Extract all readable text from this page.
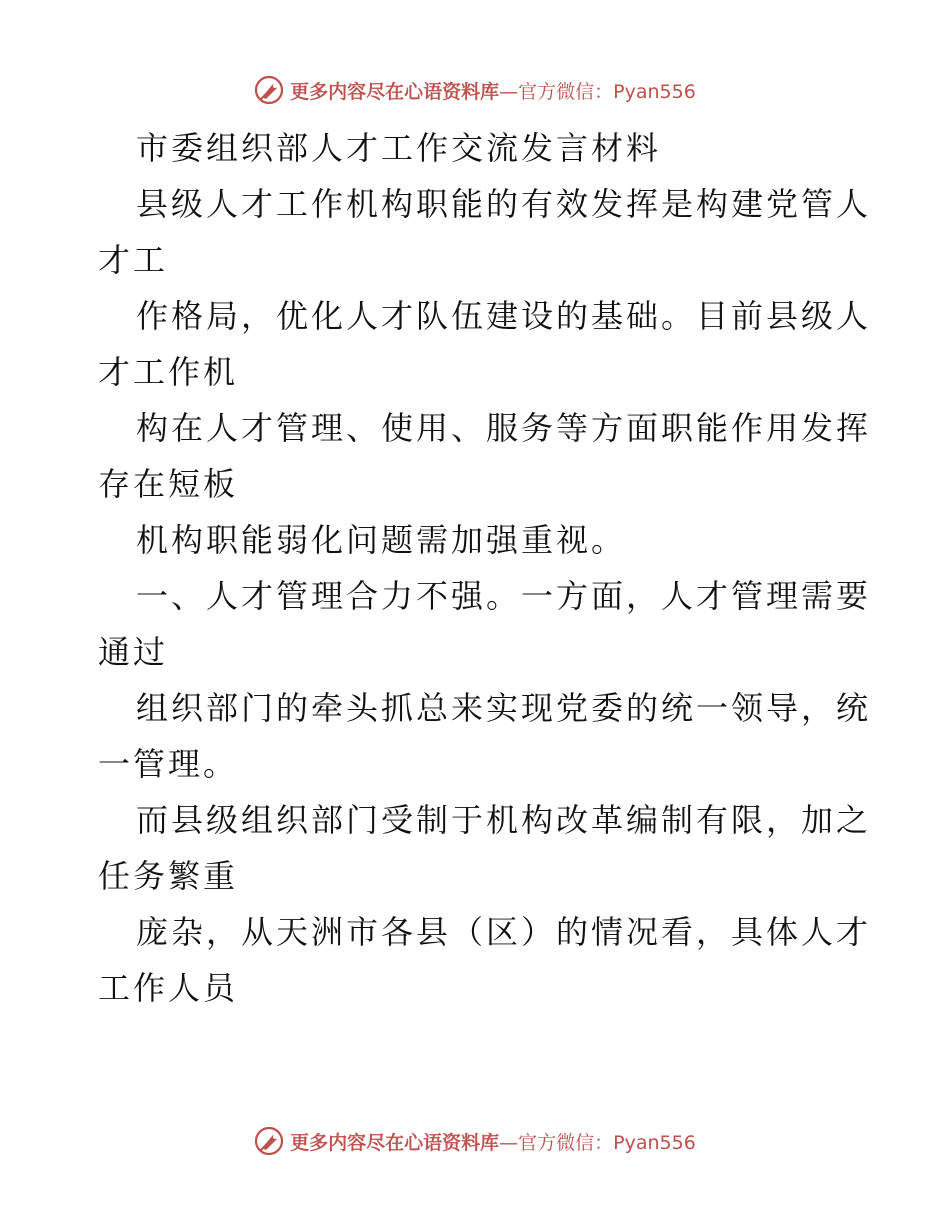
更多内容尽在心语资料库 —官方微信：Pyan556
市委组织部人才工作交流发言材料
县级人才工作机构职能的有效发挥是构建党管人
才工
作格局，优化人才队伍建设的基础。目前县级人
才工作机
构在人才管理、使用、服务等方面职能作用发挥
存在短板
机构职能弱化问题需加强重视。
一、人才管理合力不强。一方面，人才管理需要
通过
组织部门的牵头抓总来实现党委的统一领导，统
一管理。
而县级组织部门受制于机构改革编制有限，加之
任务繁重
庞杂，从天洲市各县（区）的情况看，具体人才
工作人员
更多内容尽在心语资料库 —官方微信：Pyan556
